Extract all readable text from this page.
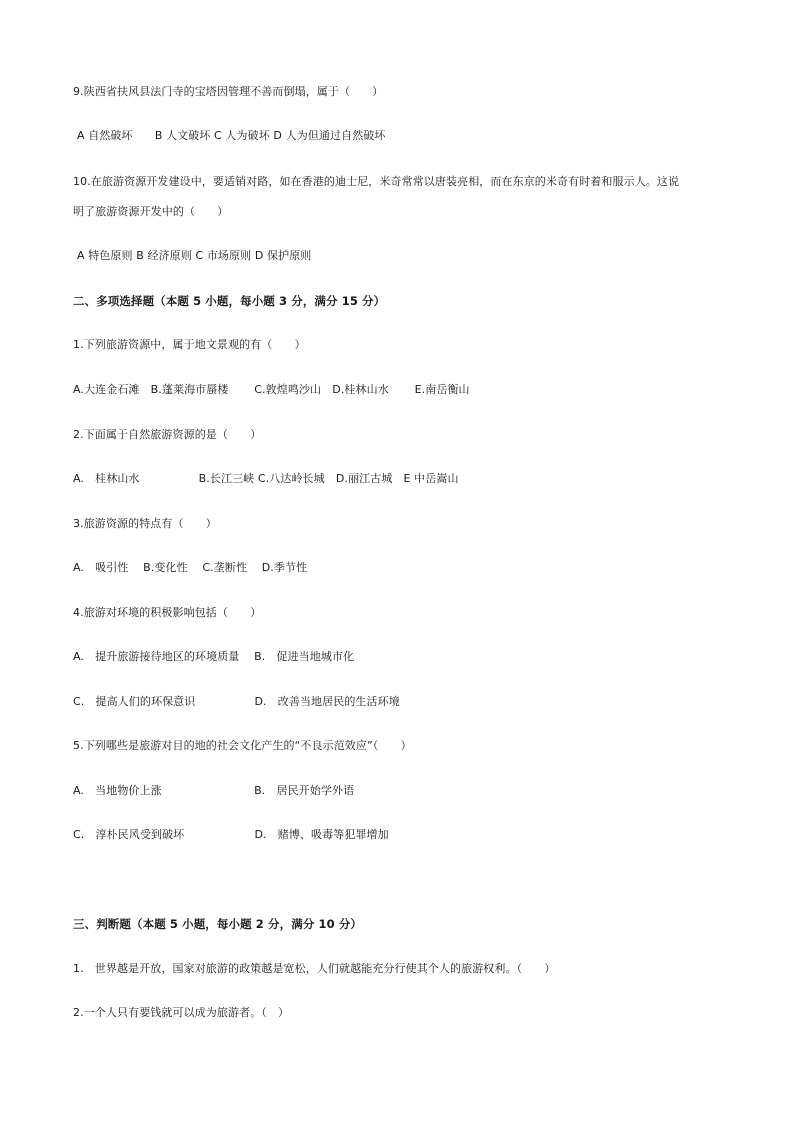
9.陕西省扶风县法门寺的宝塔因管理不善而倒塌，属于（　　）
A 自然破坏　　B 人文破坏 C 人为破坏 D 人为但通过自然破坏
10.在旅游资源开发建设中，要适销对路，如在香港的迪士尼，米奇常常以唐装亮相，而在东京的米奇有时着和服示人。这说
明了旅游资源开发中的（　　）
A 特色原则 B 经济原则 C 市场原则 D 保护原则
二、多项选择题（本题 5 小题，每小题 3 分，满分 15 分）
1.下列旅游资源中，属于地文景观的有（　　）
A.大连金石滩　B.蓬莱海市蜃楼　　 C.敦煌鸣沙山　D.桂林山水　　 E.南岳衡山
2.下面属于自然旅游资源的是（　　）
A.　桂林山水　　　　　 B.长江三峡 C.八达岭长城　D.丽江古城　E 中岳嵩山
3.旅游资源的特点有（　　）
A.　吸引性　 B.变化性　 C.垄断性　 D.季节性
4.旅游对环境的积极影响包括（　　）
A.　提升旅游接待地区的环境质量　 B.　促进当地城市化
C.　提高人们的环保意识　　　　　 D.　改善当地居民的生活环境
5.下列哪些是旅游对目的地的社会文化产生的“不良示范效应”（　　）
A.　当地物价上涨　　　　　　　　 B.　居民开始学外语
C.　淳朴民风受到破坏　　　　　　 D.　赌博、吸毒等犯罪增加
三、判断题（本题 5 小题，每小题 2 分，满分 10 分）
1.　世界越是开放，国家对旅游的政策越是宽松，人们就越能充分行使其个人的旅游权利。（　　）
2.一个人只有要钱就可以成为旅游者。（　）
